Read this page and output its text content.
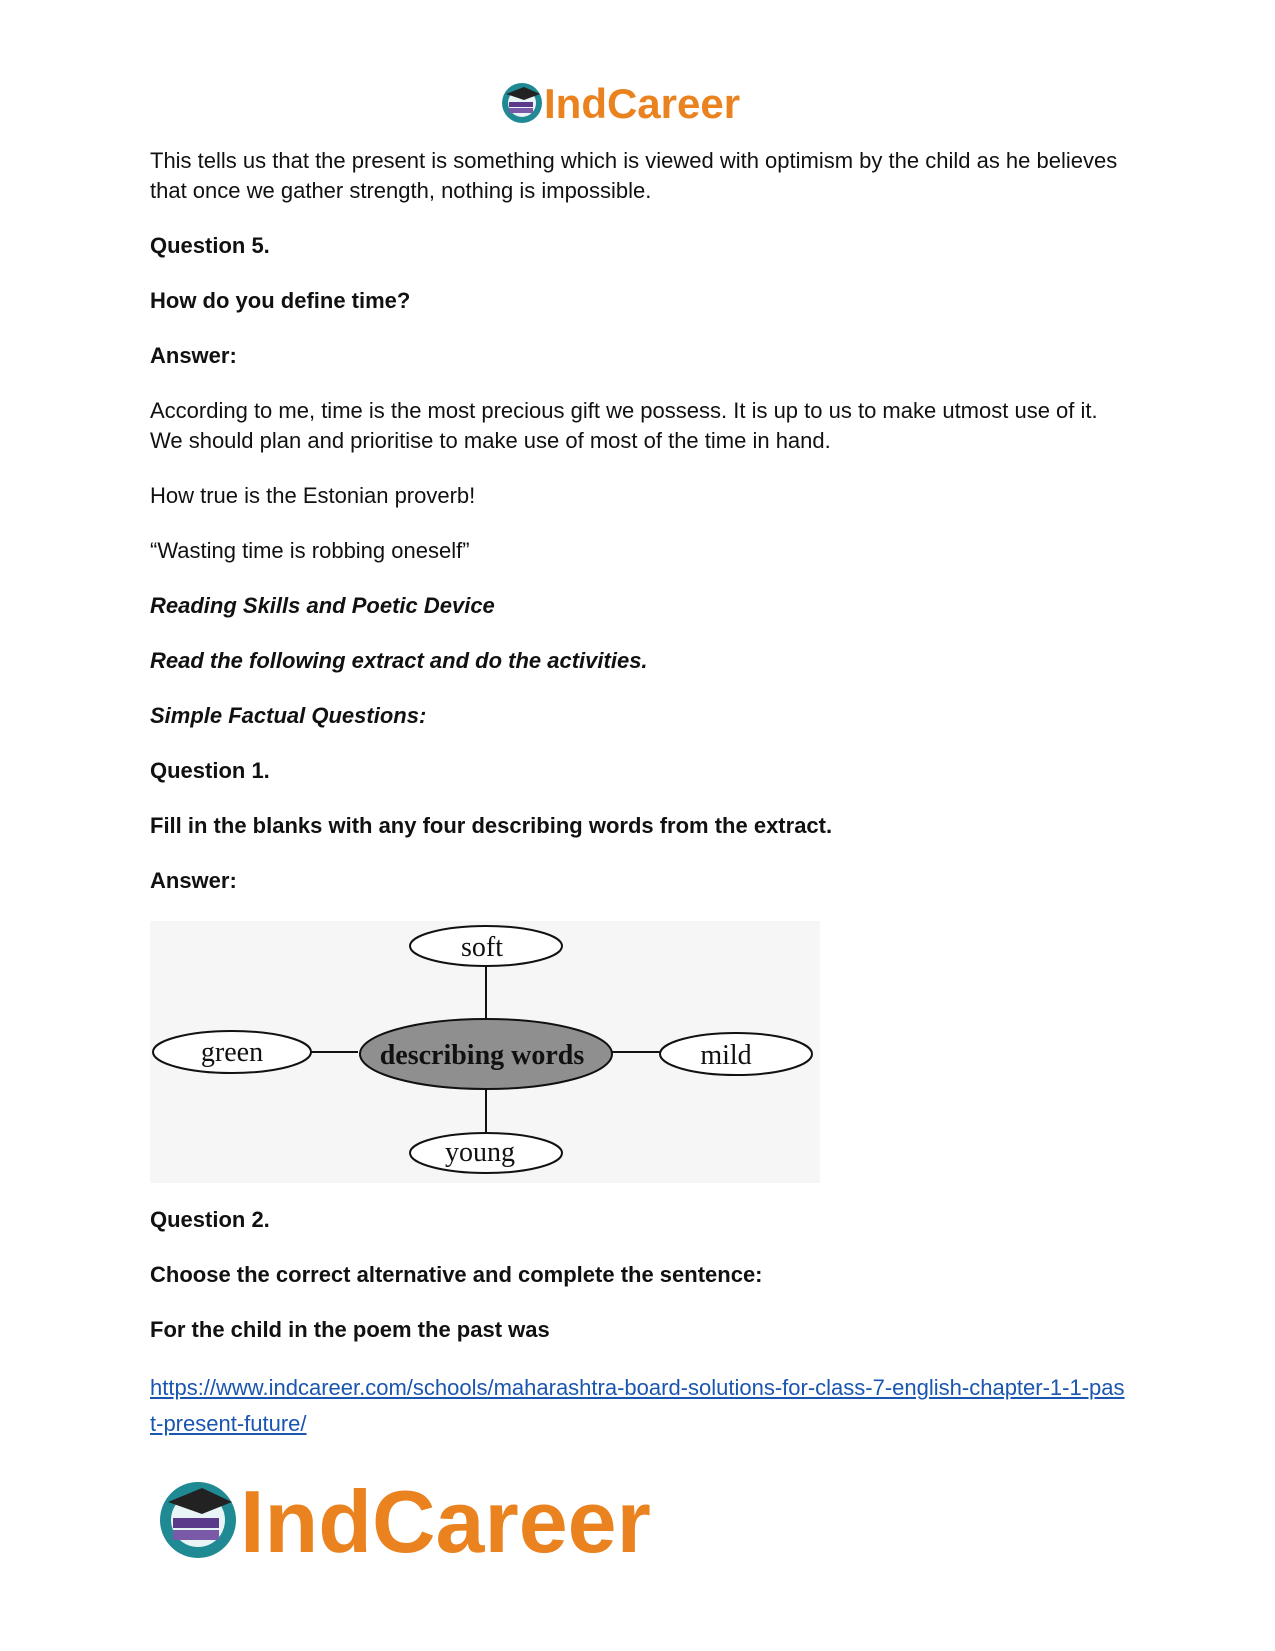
IndCareer

This tells us that the present is something which is viewed with optimism by the child as he believes that once we gather strength, nothing is impossible.

Question 5.

How do you define time?

Answer:

According to me, time is the most precious gift we possess. It is up to us to make utmost use of it. We should plan and prioritise to make use of most of the time in hand.

How true is the Estonian proverb!

“Wasting time is robbing oneself”

Reading Skills and Poetic Device

Read the following extract and do the activities.

Simple Factual Questions:

Question 1.

Fill in the blanks with any four describing words from the extract.

Answer:

soft
green	mild
young
describing words

Question 2.

Choose the correct alternative and complete the sentence:

For the child in the poem the past was

https://www.indcareer.com/schools/maharashtra-board-solutions-for-class-7-english-chapter-1-1-past-present-future/
IndCareer
